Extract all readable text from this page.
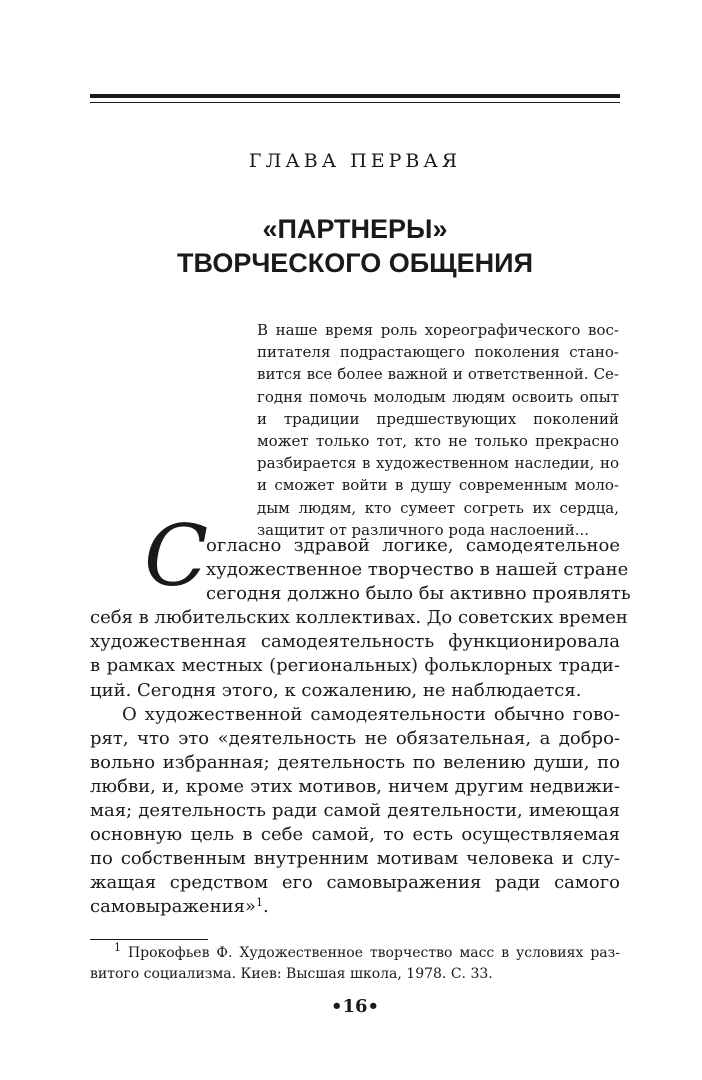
ГЛАВА ПЕРВАЯ
«ПАРТНЕРЫ»
ТВОРЧЕСКОГО ОБЩЕНИЯ
В наше время роль хореографического вос-
питателя подрастающего поколения стано-
вится все более важной и ответственной. Се-
годня помочь молодым людям освоить опыт
и традиции предшествующих поколений
может только тот, кто не только прекрасно
разбирается в художественном наследии, но
и сможет войти в душу современным моло-
дым людям, кто сумеет согреть их сердца,
защитит от различного рода наслоений...
С
огласно здравой логике, самодеятельное
художественное творчество в нашей стране
сегодня должно было бы активно проявлять
себя в любительских коллективах. До советских времен
художественная самодеятельность функционировала
в рамках местных (региональных) фольклорных тради-
ций. Сегодня этого, к сожалению, не наблюдается.
О художественной самодеятельности обычно гово-
рят, что это «деятельность не обязательная, а добро-
вольно избранная; деятельность по велению души, по
любви, и, кроме этих мотивов, ничем другим недвижи-
мая; деятельность ради самой деятельности, имеющая
основную цель в себе самой, то есть осуществляемая
по собственным внутренним мотивам человека и слу-
жащая средством его самовыражения ради самого
самовыражения»$^1$.
$^1$ Прокофьев Ф. Художественное творчество масс в условиях раз-
витого социализма. Киев: Высшая школа, 1978. С. 33.
•16•
